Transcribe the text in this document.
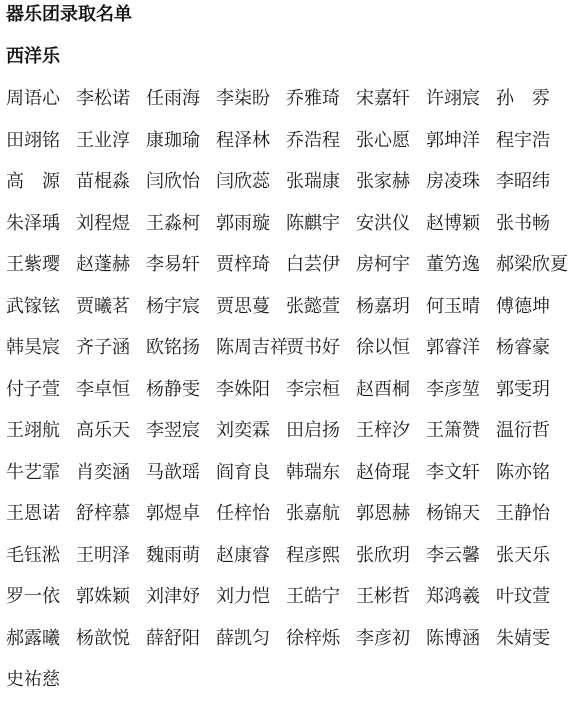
器乐团录取名单
西洋乐
周语心 李松诺 任雨海 李柒盼 乔雅琦 宋嘉轩 许翊宸 孙　雰
田翊铭 王业淳 康珈瑜 程泽林 乔浩程 张心愿 郭坤洋 程宇浩
高　源 苗棍淼 闫欣怡 闫欣蕊 张瑞康 张家赫 房凌珠 李昭纬
朱泽瑀 刘程煜 王淼柯 郭雨璇 陈麒宇 安洪仪 赵博颖 张书畅
王紫璎 赵蓬赫 李易轩 贾梓琦 白芸伊 房柯宇 董竻逸 郝梁欣夏
武镓铉 贾曦茗 杨宇宸 贾思蔓 张懿萱 杨嘉玥 何玉晴 傅德坤
韩昊宸 齐子涵 欧铭扬 陈周吉祥
贾书好 徐以恒 郭睿洋 杨睿豪
付子萱 李卓恒 杨静雯 李姝阳 李宗桓 赵酉桐 李彦堃 郭雯玥
王翊航 高乐天 李翌宸 刘奕霖 田启扬 王梓汐 王箫赞 温衍哲
牛艺霏 肖奕涵 马歆瑶 阎育良 韩瑞东 赵倚琨 李文轩 陈亦铭
王恩诺 舒梓慕 郭煜卓 任梓怡 张嘉航 郭恩赫 杨锦天 王静怡
毛钰淞 王明泽 魏雨萌 赵康睿 程彦熙 张欣玥 李云馨 张天乐
罗一依 郭姝颖 刘津妤 刘力恺 王皓宁 王彬哲 郑鸿羲 叶玟萱
郝露曦 杨歆悦 薛舒阳 薛凯匀 徐梓烁 李彦初 陈博涵 朱婧雯
史祐慈
